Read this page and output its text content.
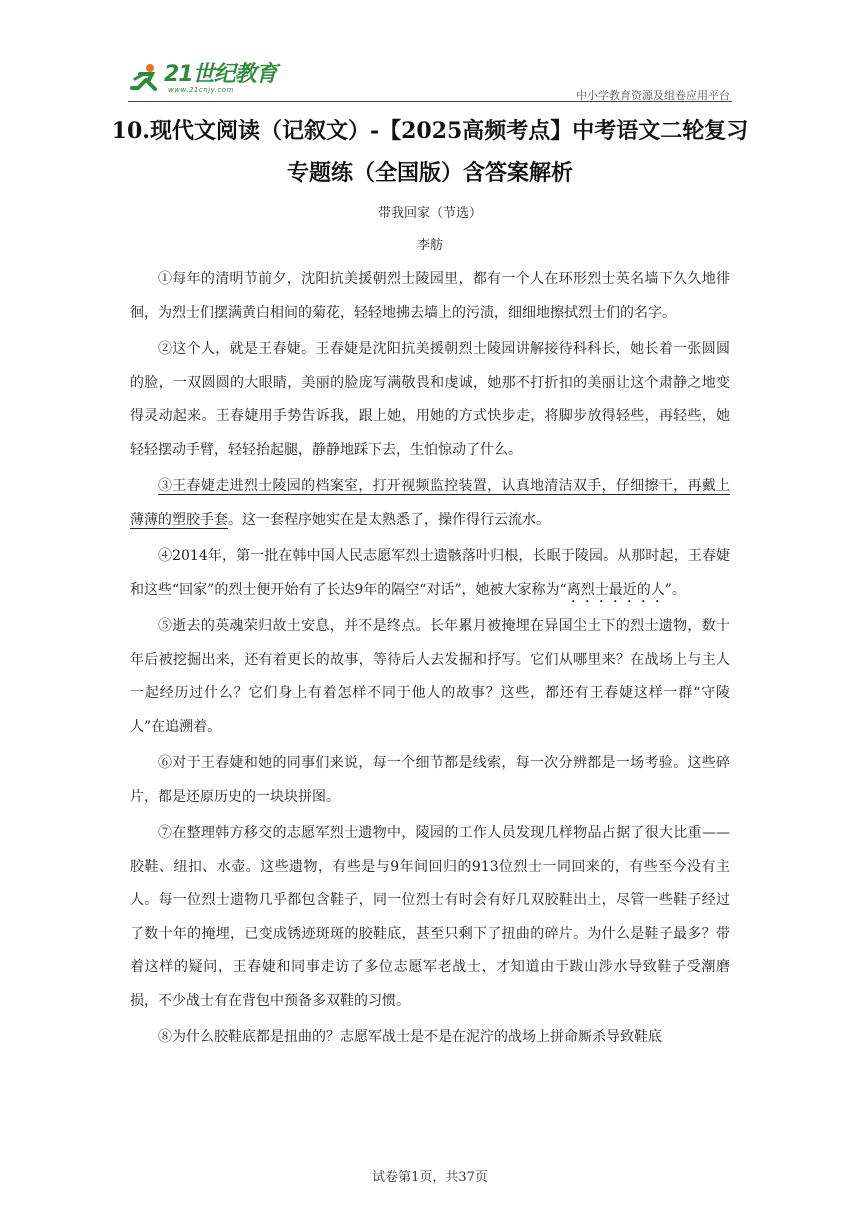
21世纪教育
www.21cnjy.com	中小学教育资源及组卷应用平台
10.现代文阅读（记叙文）-【2025高频考点】中考语文二轮复习专题练（全国版）含答案解析
带我回家（节选）
李舫

①每年的清明节前夕，沈阳抗美援朝烈士陵园里，都有一个人在环形烈士英名墙下久久地徘徊，为烈士们摆满黄白相间的菊花，轻轻地拂去墙上的污渍，细细地擦拭烈士们的名字。

②这个人，就是王春婕。王春婕是沈阳抗美援朝烈士陵园讲解接待科科长，她长着一张圆圆的脸，一双圆圆的大眼睛，美丽的脸庞写满敬畏和虔诚，她那不打折扣的美丽让这个肃静之地变得灵动起来。王春婕用手势告诉我，跟上她，用她的方式快步走，将脚步放得轻些，再轻些，她轻轻摆动手臂，轻轻抬起腿，静静地踩下去，生怕惊动了什么。

③王春婕走进烈士陵园的档案室，打开视频监控装置，认真地清洁双手，仔细擦干，再戴上薄薄的塑胶手套。这一套程序她实在是太熟悉了，操作得行云流水。

④2014年，第一批在韩中国人民志愿军烈士遗骸落叶归根，长眠于陵园。从那时起，王春婕和这些“回家”的烈士便开始有了长达9年的隔空“对话”，她被大家称为“离烈士最近的人”。

⑤逝去的英魂荣归故土安息，并不是终点。长年累月被掩埋在异国尘土下的烈士遗物，数十年后被挖掘出来，还有着更长的故事，等待后人去发掘和抒写。它们从哪里来？在战场上与主人一起经历过什么？它们身上有着怎样不同于他人的故事？这些，都还有王春婕这样一群“守陵人”在追溯着。

⑥对于王春婕和她的同事们来说，每一个细节都是线索，每一次分辨都是一场考验。这些碎片，都是还原历史的一块块拼图。

⑦在整理韩方移交的志愿军烈士遗物中，陵园的工作人员发现几样物品占据了很大比重——胶鞋、纽扣、水壶。这些遗物，有些是与9年间回归的913位烈士一同回来的，有些至今没有主人。每一位烈士遗物几乎都包含鞋子，同一位烈士有时会有好几双胶鞋出土，尽管一些鞋子经过了数十年的掩埋，已变成锈迹斑斑的胶鞋底，甚至只剩下了扭曲的碎片。为什么是鞋子最多？带着这样的疑问，王春婕和同事走访了多位志愿军老战士，才知道由于跋山涉水导致鞋子受潮磨损，不少战士有在背包中预备多双鞋的习惯。

⑧为什么胶鞋底都是扭曲的？志愿军战士是不是在泥泞的战场上拼命厮杀导致鞋底

试卷第1页，共37页
